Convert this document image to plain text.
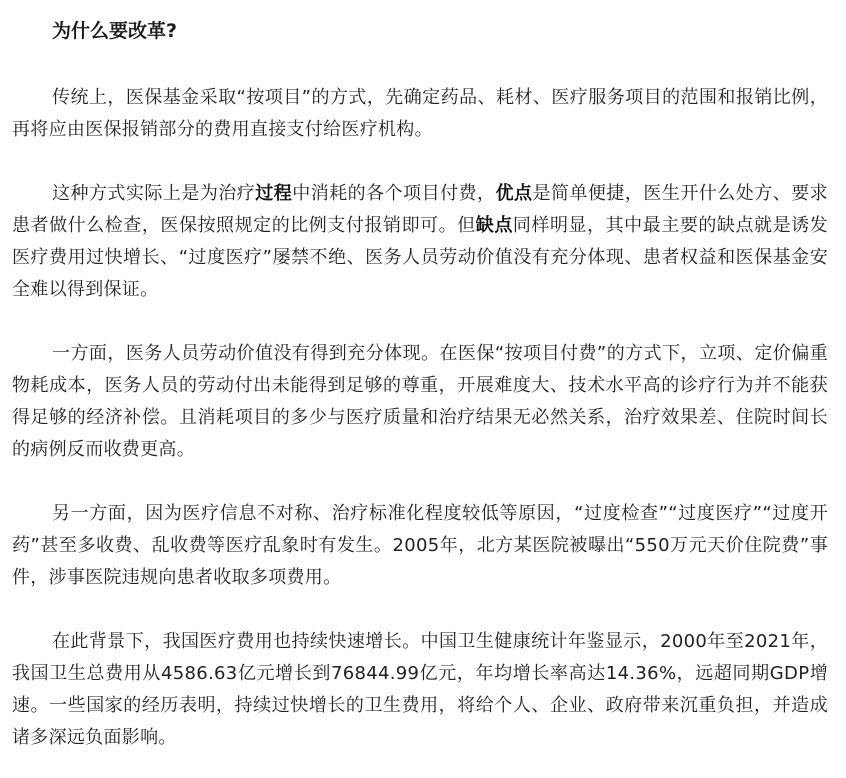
为什么要改革?

传统上，医保基金采取“按项目”的方式，先确定药品、耗材、医疗服务项目的范围和报销比例，再将应由医保报销部分的费用直接支付给医疗机构。

这种方式实际上是为治疗过程中消耗的各个项目付费，优点是简单便捷，医生开什么处方、要求患者做什么检查，医保按照规定的比例支付报销即可。但缺点同样明显，其中最主要的缺点就是诱发医疗费用过快增长、“过度医疗”屡禁不绝、医务人员劳动价值没有充分体现、患者权益和医保基金安全难以得到保证。

一方面，医务人员劳动价值没有得到充分体现。在医保“按项目付费”的方式下，立项、定价偏重物耗成本，医务人员的劳动付出未能得到足够的尊重，开展难度大、技术水平高的诊疗行为并不能获得足够的经济补偿。且消耗项目的多少与医疗质量和治疗结果无必然关系，治疗效果差、住院时间长的病例反而收费更高。

另一方面，因为医疗信息不对称、治疗标准化程度较低等原因，“过度检查”“过度医疗”“过度开药”甚至多收费、乱收费等医疗乱象时有发生。2005年，北方某医院被曝出“550万元天价住院费”事件，涉事医院违规向患者收取多项费用。

在此背景下，我国医疗费用也持续快速增长。中国卫生健康统计年鉴显示，2000年至2021年，我国卫生总费用从4586.63亿元增长到76844.99亿元，年均增长率高达14.36%，远超同期GDP增速。一些国家的经历表明，持续过快增长的卫生费用，将给个人、企业、政府带来沉重负担，并造成诸多深远负面影响。
